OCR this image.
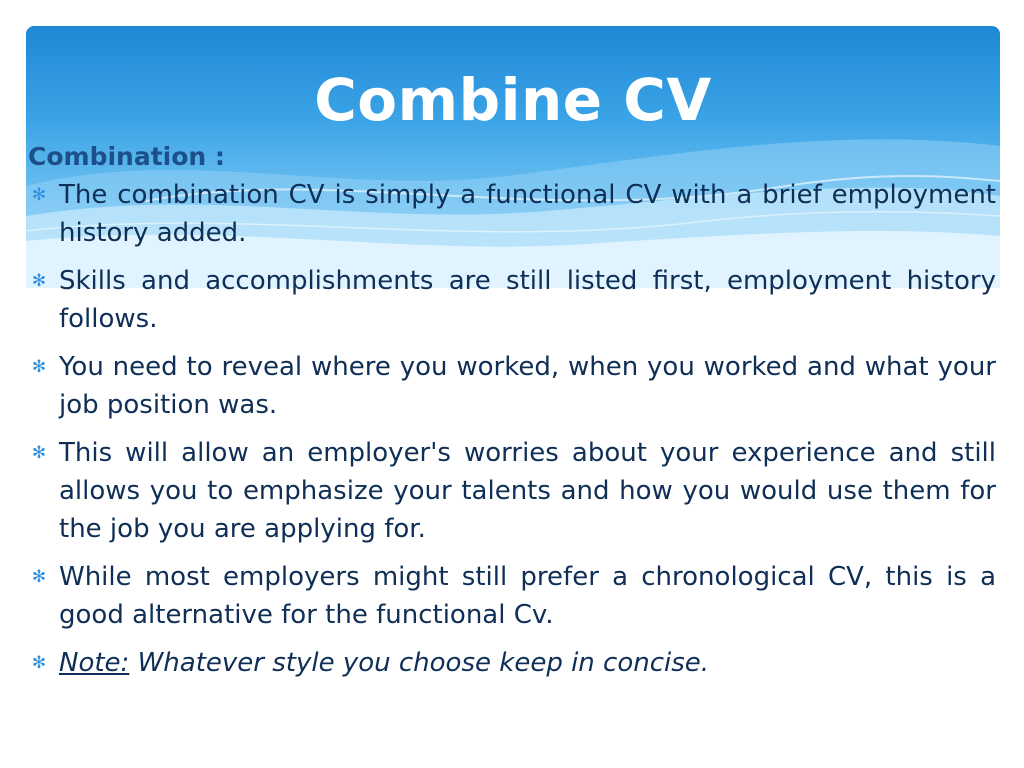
Combine CV

Combination :

✻ The combination CV is simply a functional CV with a brief employment history added.
✻ Skills and accomplishments are still listed first, employment history follows.
✻ You need to reveal where you worked, when you worked and what your job position was.
✻ This will allow an employer's worries about your experience and still allows you to emphasize your talents and how you would use them for the job you are applying for.
✻ While most employers might still prefer a chronological CV, this is a good alternative for the functional Cv.
✻ Note: Whatever style you choose keep in concise.
